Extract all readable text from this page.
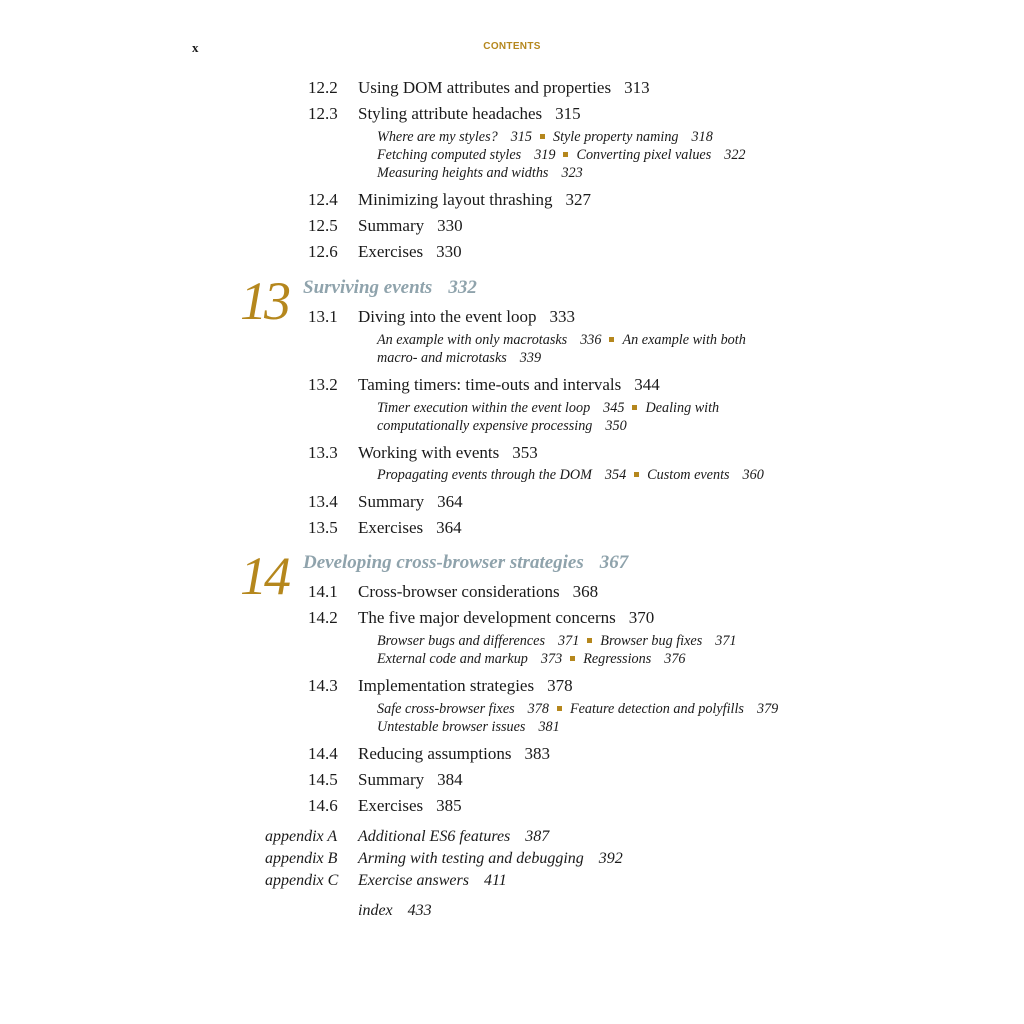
x	CONTENTS
12.2 Using DOM attributes and properties 313
12.3 Styling attribute headaches 315
Where are my styles? 315 Style property naming 318
Fetching computed styles 319 Converting pixel values 322
Measuring heights and widths 323
12.4 Minimizing layout thrashing 327
12.5 Summary 330
12.6 Exercises 330
13 Surviving events 332
13.1 Diving into the event loop 333
An example with only macrotasks 336 An example with both
macro- and microtasks 339
13.2 Taming timers: time-outs and intervals 344
Timer execution within the event loop 345 Dealing with
computationally expensive processing 350
13.3 Working with events 353
Propagating events through the DOM 354 Custom events 360
13.4 Summary 364
13.5 Exercises 364
14 Developing cross-browser strategies 367
14.1 Cross-browser considerations 368
14.2 The five major development concerns 370
Browser bugs and differences 371 Browser bug fixes 371
External code and markup 373 Regressions 376
14.3 Implementation strategies 378
Safe cross-browser fixes 378 Feature detection and polyfills 379
Untestable browser issues 381
14.4 Reducing assumptions 383
14.5 Summary 384
14.6 Exercises 385
appendix A Additional ES6 features 387
appendix B Arming with testing and debugging 392
appendix C Exercise answers 411
index 433
